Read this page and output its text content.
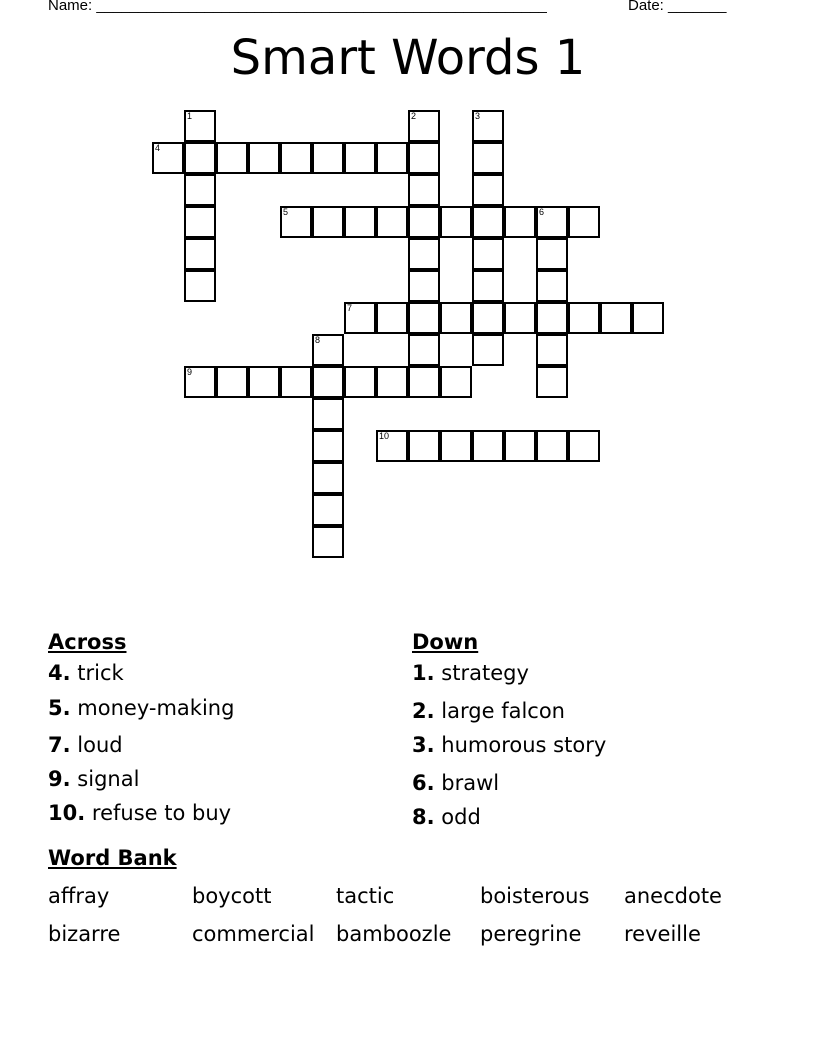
Name: ______________________________________________________	Date: _______
Smart Words 1
1	2	3
4
5	6
7
8
9
10
Across
4. trick
5. money-making
7. loud
9. signal
10. refuse to buy
Down
1. strategy
2. large falcon
3. humorous story
6. brawl
8. odd
Word Bank
affray	boycott	tactic	boisterous anecdote
bizarre	commercial bamboozle peregrine reveille
